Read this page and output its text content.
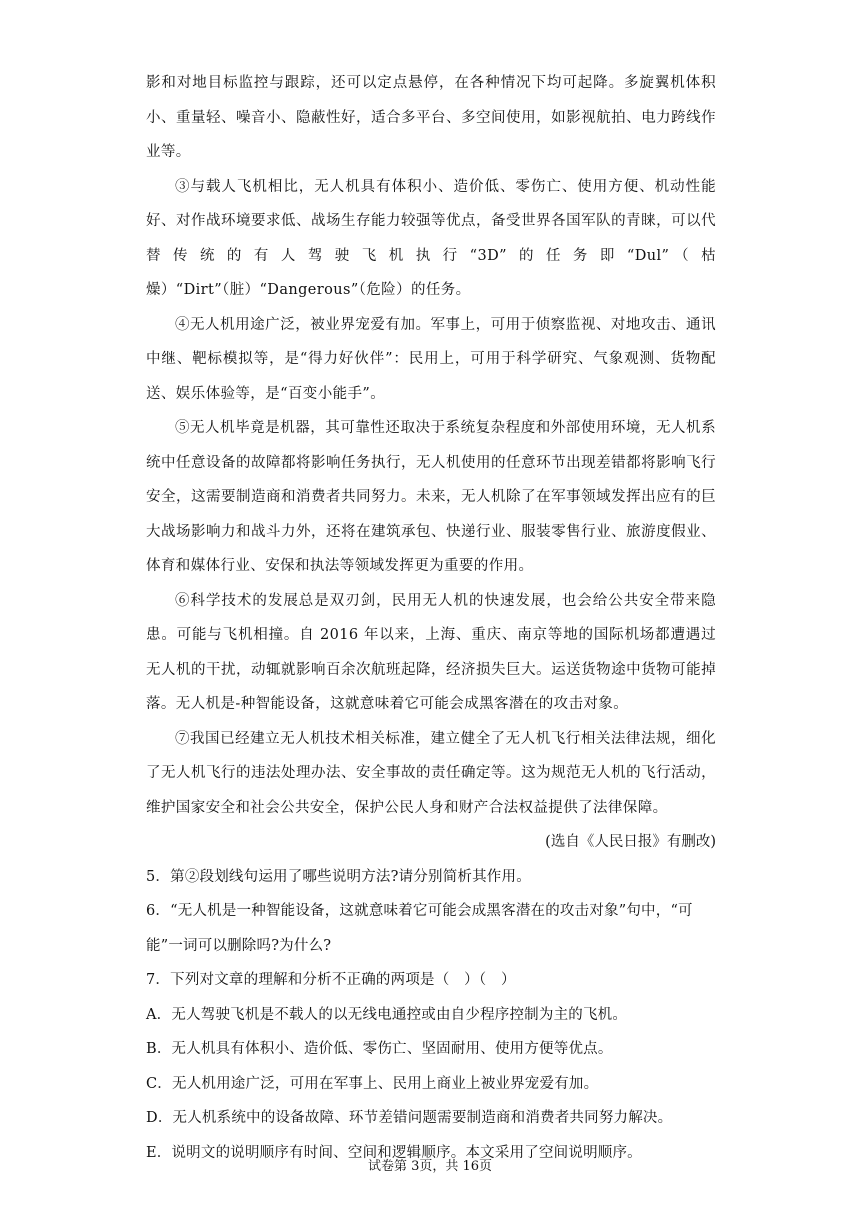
影和对地目标监控与跟踪，还可以定点悬停，在各种情况下均可起降。多旋翼机体积小、重量轻、噪音小、隐蔽性好，适合多平台、多空间使用，如影视航拍、电力跨线作业等。

③与载人飞机相比，无人机具有体积小、造价低、零伤亡、使用方便、机动性能好、对作战环境要求低、战场生存能力较强等优点，备受世界各国军队的青睐，可以代替传统的有人驾驶飞机执行“3D”的任务即“Dul”（枯燥）“Dirt”（脏）“Dangerous”（危险）的任务。

④无人机用途广泛，被业界宠爱有加。军事上，可用于侦察监视、对地攻击、通讯中继、靶标模拟等，是“得力好伙伴”：民用上，可用于科学研究、气象观测、货物配送、娱乐体验等，是“百变小能手”。

⑤无人机毕竟是机器，其可靠性还取决于系统复杂程度和外部使用环境，无人机系统中任意设备的故障都将影响任务执行，无人机使用的任意环节出现差错都将影响飞行安全，这需要制造商和消费者共同努力。未来，无人机除了在军事领域发挥出应有的巨大战场影响力和战斗力外，还将在建筑承包、快递行业、服装零售行业、旅游度假业、体育和媒体行业、安保和执法等领域发挥更为重要的作用。

⑥科学技术的发展总是双刃剑，民用无人机的快速发展，也会给公共安全带来隐患。可能与飞机相撞。自 2016 年以来，上海、重庆、南京等地的国际机场都遭遇过无人机的干扰，动辄就影响百余次航班起降，经济损失巨大。运送货物途中货物可能掉落。无人机是-种智能设备，这就意味着它可能会成黑客潜在的攻击对象。

⑦我国已经建立无人机技术相关标准，建立健全了无人机飞行相关法律法规，细化了无人机飞行的违法处理办法、安全事故的责任确定等。这为规范无人机的飞行活动，维护国家安全和社会公共安全，保护公民人身和财产合法权益提供了法律保障。

(选自《人民日报》有删改)

5．第②段划线句运用了哪些说明方法?请分别简析其作用。

6．“无人机是一种智能设备，这就意味着它可能会成黑客潜在的攻击对象”句中，“可能”一词可以删除吗?为什么?

7．下列对文章的理解和分析不正确的两项是（　）（　）

A．无人驾驶飞机是不载人的以无线电通控或由自少程序控制为主的飞机。

B．无人机具有体积小、造价低、零伤亡、坚固耐用、使用方便等优点。

C．无人机用途广泛，可用在军事上、民用上商业上被业界宠爱有加。

D．无人机系统中的设备故障、环节差错问题需要制造商和消费者共同努力解决。

E．说明文的说明顺序有时间、空间和逻辑顺序。本文采用了空间说明顺序。

试卷第 3页，共 16页
